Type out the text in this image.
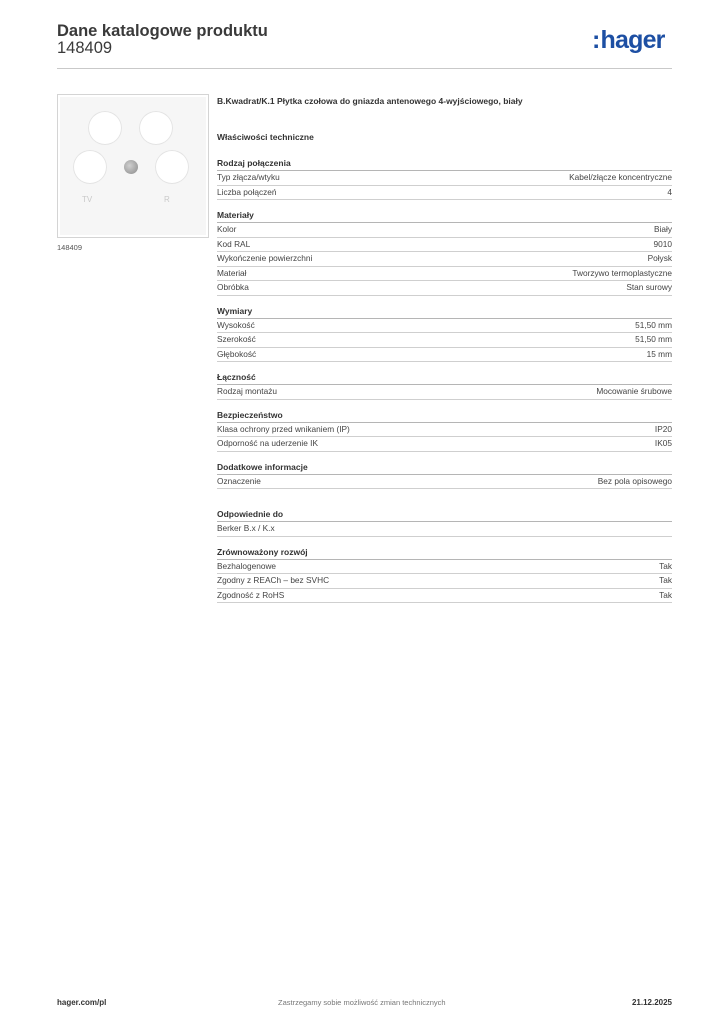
Dane katalogowe produktu
148409	:hager
TV	R
148409
B.Kwadrat/K.1 Płytka czołowa do gniazda antenowego 4-wyjściowego, biały
Właściwości techniczne
Rodzaj połączenia
Typ złącza/wtyku	Kabel/złącze koncentryczne
Liczba połączeń	4
Materiały
Kolor	Biały
Kod RAL	9010
Wykończenie powierzchni	Połysk
Materiał	Tworzywo termoplastyczne
Obróbka	Stan surowy
Wymiary
Wysokość	51,50 mm
Szerokość	51,50 mm
Głębokość	15 mm
Łączność
Rodzaj montażu	Mocowanie śrubowe
Bezpieczeństwo
Klasa ochrony przed wnikaniem (IP)	IP20
Odporność na uderzenie IK	IK05
Dodatkowe informacje
Oznaczenie	Bez pola opisowego
Odpowiednie do
Berker B.x / K.x
Zrównoważony rozwój
Bezhalogenowe	Tak
Zgodny z REACh – bez SVHC	Tak
Zgodność z RoHS	Tak
hager.com/pl	Zastrzegamy sobie możliwość zmian technicznych	21.12.2025
